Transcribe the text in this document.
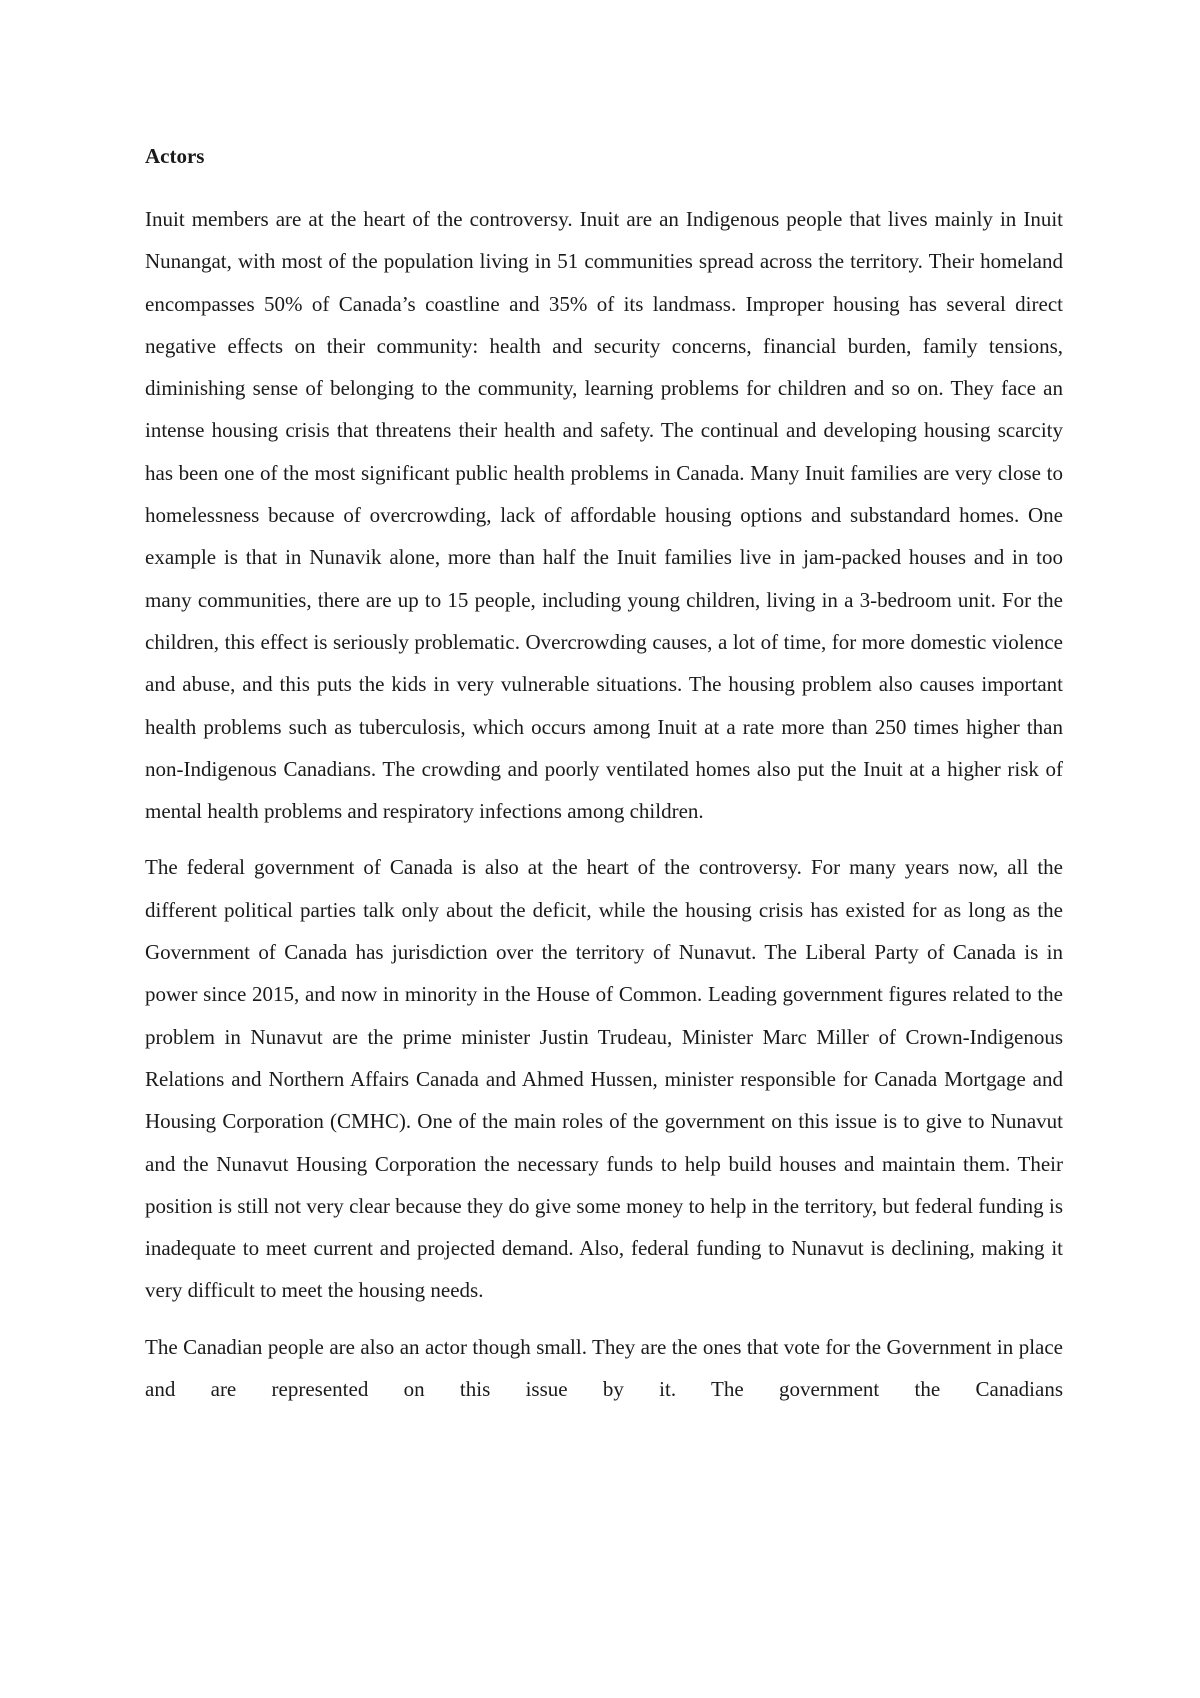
Actors

Inuit members are at the heart of the controversy. Inuit are an Indigenous people that lives mainly in Inuit Nunangat, with most of the population living in 51 communities spread across the territory. Their homeland encompasses 50% of Canada’s coastline and 35% of its landmass. Improper housing has several direct negative effects on their community: health and security concerns, financial burden, family tensions, diminishing sense of belonging to the community, learning problems for children and so on. They face an intense housing crisis that threatens their health and safety. The continual and developing housing scarcity has been one of the most significant public health problems in Canada. Many Inuit families are very close to homelessness because of overcrowding, lack of affordable housing options and substandard homes. One example is that in Nunavik alone, more than half the Inuit families live in jam-packed houses and in too many communities, there are up to 15 people, including young children, living in a 3-bedroom unit. For the children, this effect is seriously problematic. Overcrowding causes, a lot of time, for more domestic violence and abuse, and this puts the kids in very vulnerable situations. The housing problem also causes important health problems such as tuberculosis, which occurs among Inuit at a rate more than 250 times higher than non-Indigenous Canadians. The crowding and poorly ventilated homes also put the Inuit at a higher risk of mental health problems and respiratory infections among children.

The federal government of Canada is also at the heart of the controversy. For many years now, all the different political parties talk only about the deficit, while the housing crisis has existed for as long as the Government of Canada has jurisdiction over the territory of Nunavut. The Liberal Party of Canada is in power since 2015, and now in minority in the House of Common. Leading government figures related to the problem in Nunavut are the prime minister Justin Trudeau, Minister Marc Miller of Crown-Indigenous Relations and Northern Affairs Canada and Ahmed Hussen, minister responsible for Canada Mortgage and Housing Corporation (CMHC). One of the main roles of the government on this issue is to give to Nunavut and the Nunavut Housing Corporation the necessary funds to help build houses and maintain them. Their position is still not very clear because they do give some money to help in the territory, but federal funding is inadequate to meet current and projected demand. Also, federal funding to Nunavut is declining, making it very difficult to meet the housing needs.

The Canadian people are also an actor though small. They are the ones that vote for the Government in place and are represented on this issue by it. The government the Canadians
